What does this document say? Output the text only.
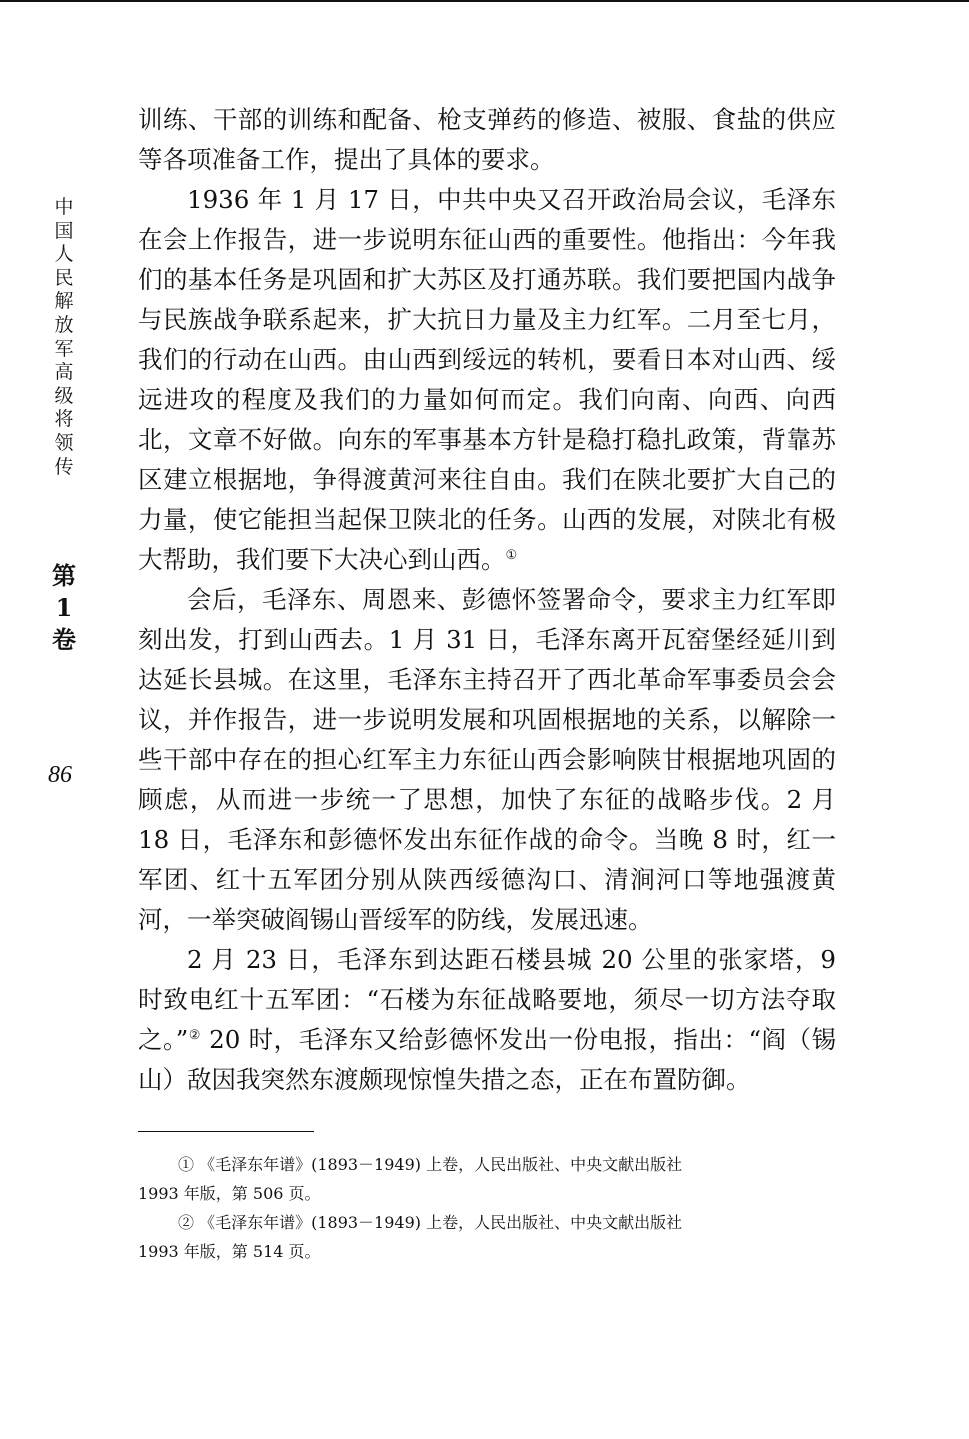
中
国
人
民
解
放
军
高
级
将
领
传
第
1
卷
86

训练、干部的训练和配备、枪支弹药的修造、被服、食盐的供应等各项准备工作，提出了具体的要求。

1936 年 1 月 17 日，中共中央又召开政治局会议，毛泽东在会上作报告，进一步说明东征山西的重要性。他指出：今年我们的基本任务是巩固和扩大苏区及打通苏联。我们要把国内战争与民族战争联系起来，扩大抗日力量及主力红军。二月至七月，我们的行动在山西。由山西到绥远的转机，要看日本对山西、绥远进攻的程度及我们的力量如何而定。我们向南、向西、向西北，文章不好做。向东的军事基本方针是稳打稳扎政策，背靠苏区建立根据地，争得渡黄河来往自由。我们在陕北要扩大自己的力量，使它能担当起保卫陕北的任务。山西的发展，对陕北有极大帮助，我们要下大决心到山西。①

会后，毛泽东、周恩来、彭德怀签署命令，要求主力红军即刻出发，打到山西去。1 月 31 日，毛泽东离开瓦窑堡经延川到达延长县城。在这里，毛泽东主持召开了西北革命军事委员会会议，并作报告，进一步说明发展和巩固根据地的关系，以解除一些干部中存在的担心红军主力东征山西会影响陕甘根据地巩固的顾虑，从而进一步统一了思想，加快了东征的战略步伐。2 月 18 日，毛泽东和彭德怀发出东征作战的命令。当晚 8 时，红一军团、红十五军团分别从陕西绥德沟口、清涧河口等地强渡黄河，一举突破阎锡山晋绥军的防线，发展迅速。

2 月 23 日，毛泽东到达距石楼县城 20 公里的张家塔，9 时致电红十五军团：“石楼为东征战略要地，须尽一切方法夺取之。”② 20 时，毛泽东又给彭德怀发出一份电报，指出：“阎（锡山）敌因我突然东渡颇现惊惶失措之态，正在布置防御。

① 《毛泽东年谱》(1893－1949) 上卷，人民出版社、中央文献出版社

1993 年版，第 506 页。

② 《毛泽东年谱》(1893－1949) 上卷，人民出版社、中央文献出版社

1993 年版，第 514 页。
